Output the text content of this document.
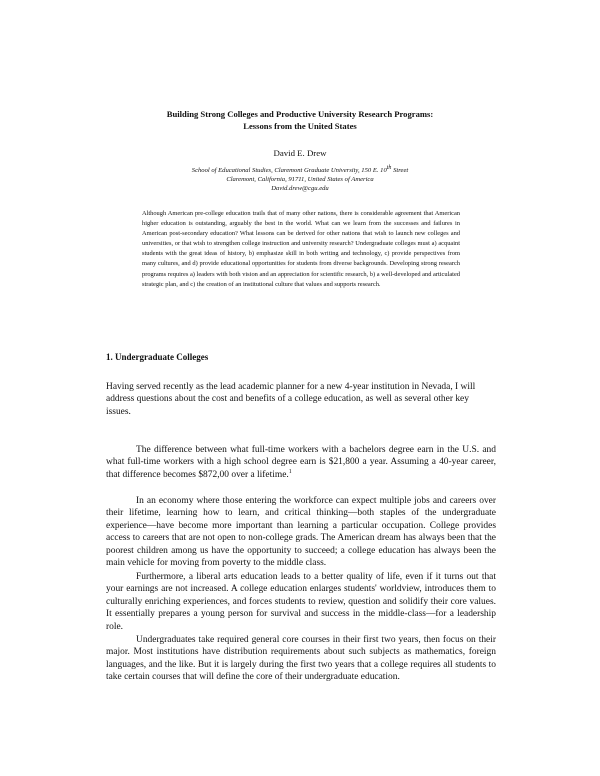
Building Strong Colleges and Productive University Research Programs:
Lessons from the United States
David E. Drew
School of Educational Studies, Claremont Graduate University, 150 E. 10th Street
Claremont, California, 91711, United States of America
David.drew@cgu.edu
Although American pre-college education trails that of many other nations, there is considerable agreement that American higher education is outstanding, arguably the best in the world. What can we learn from the successes and failures in American post-secondary education? What lessons can be derived for other nations that wish to launch new colleges and universities, or that wish to strengthen college instruction and university research? Undergraduate colleges must a) acquaint students with the great ideas of history, b) emphasize skill in both writing and technology, c) provide perspectives from many cultures, and d) provide educational opportunities for students from diverse backgrounds. Developing strong research programs requires a) leaders with both vision and an appreciation for scientific research, b) a well-developed and articulated strategic plan, and c) the creation of an institutional culture that values and supports research.
1. Undergraduate Colleges
Having served recently as the lead academic planner for a new 4-year institution in Nevada, I will address questions about the cost and benefits of a college education, as well as several other key issues.
The difference between what full-time workers with a bachelors degree earn in the U.S. and what full-time workers with a high school degree earn is $21,800 a year. Assuming a 40-year career, that difference becomes $872,00 over a lifetime.$^1$
In an economy where those entering the workforce can expect multiple jobs and careers over their lifetime, learning how to learn, and critical thinking—both staples of the undergraduate experience—have become more important than learning a particular occupation. College provides access to careers that are not open to non-college grads. The American dream has always been that the poorest children among us have the opportunity to succeed; a college education has always been the main vehicle for moving from poverty to the middle class.
Furthermore, a liberal arts education leads to a better quality of life, even if it turns out that your earnings are not increased. A college education enlarges students' worldview, introduces them to culturally enriching experiences, and forces students to review, question and solidify their core values. It essentially prepares a young person for survival and success in the middle-class—for a leadership role.
Undergraduates take required general core courses in their first two years, then focus on their major. Most institutions have distribution requirements about such subjects as mathematics, foreign languages, and the like. But it is largely during the first two years that a college requires all students to take certain courses that will define the core of their undergraduate education.
